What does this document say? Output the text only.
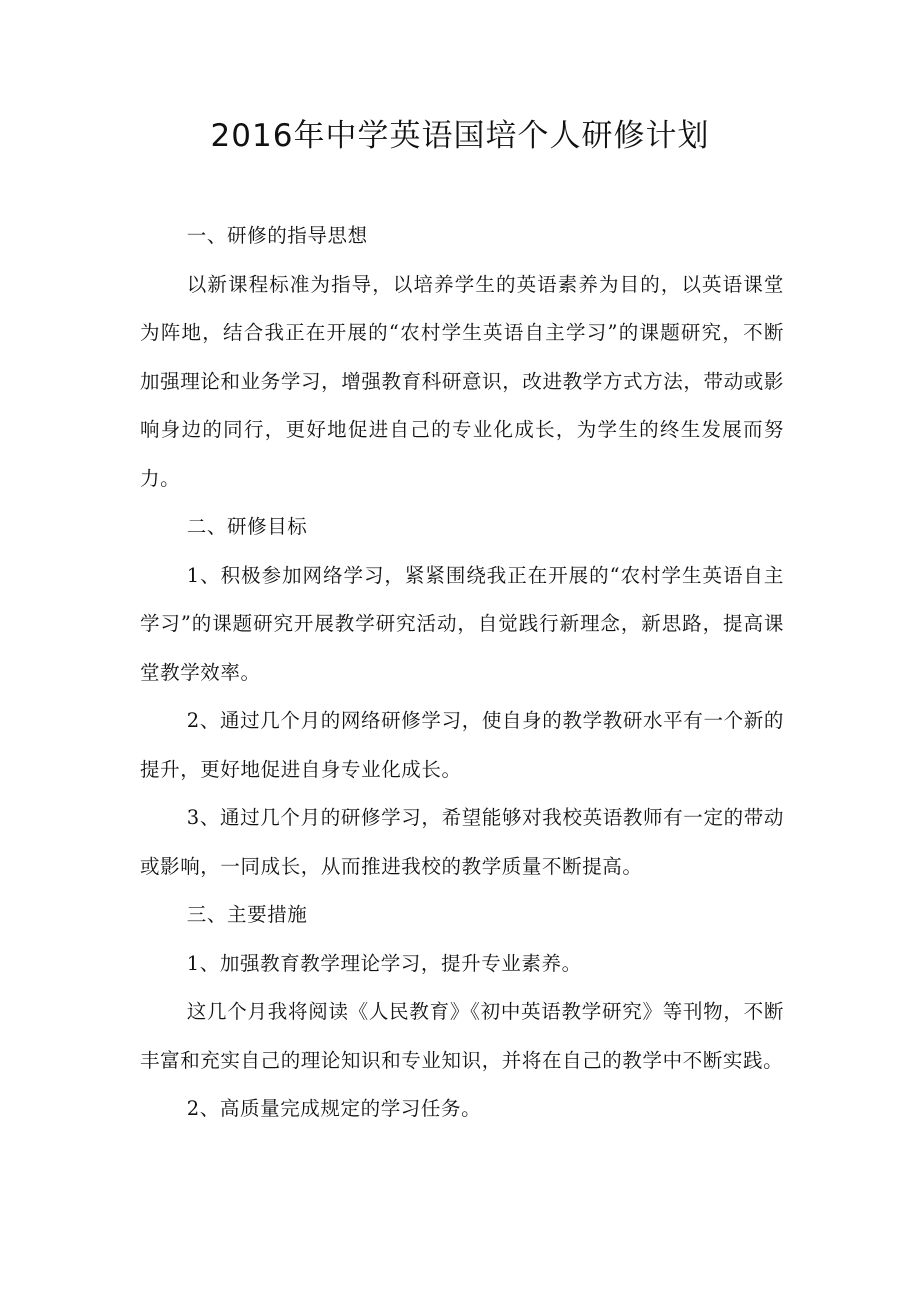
2016年中学英语国培个人研修计划

一、研修的指导思想

以新课程标准为指导，以培养学生的英语素养为目的，以英语课堂为阵地，结合我正在开展的“农村学生英语自主学习”的课题研究，不断加强理论和业务学习，增强教育科研意识，改进教学方式方法，带动或影响身边的同行，更好地促进自己的专业化成长，为学生的终生发展而努力。

二、研修目标

1、积极参加网络学习，紧紧围绕我正在开展的“农村学生英语自主学习”的课题研究开展教学研究活动，自觉践行新理念，新思路，提高课堂教学效率。

2、通过几个月的网络研修学习，使自身的教学教研水平有一个新的提升，更好地促进自身专业化成长。

3、通过几个月的研修学习，希望能够对我校英语教师有一定的带动或影响，一同成长，从而推进我校的教学质量不断提高。

三、主要措施

1、加强教育教学理论学习，提升专业素养。

这几个月我将阅读《人民教育》《初中英语教学研究》等刊物，不断丰富和充实自己的理论知识和专业知识，并将在自己的教学中不断实践。

2、高质量完成规定的学习任务。
